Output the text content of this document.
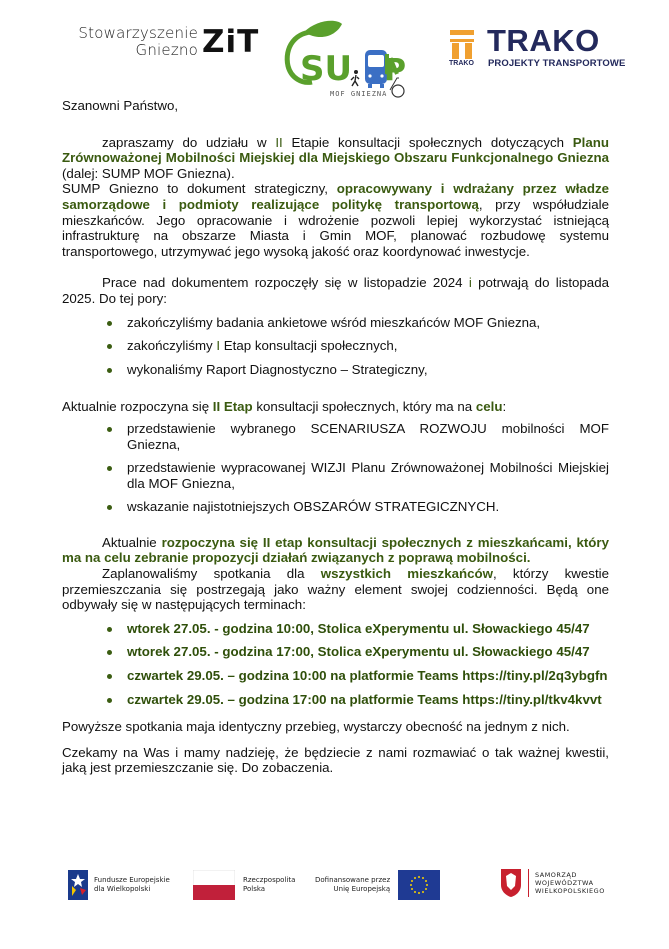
Stowarzyszenie
Gniezno ZiT
SU P
MOF GNIEZNA
TRAKO
TRAKO
PROJEKTY TRANSPORTOWE

Szanowni Państwo,

zapraszamy do udziału w II Etapie konsultacji społecznych dotyczących Planu Zrównoważonej Mobilności Miejskiej dla Miejskiego Obszaru Funkcjonalnego Gniezna (dalej: SUMP MOF Gniezna).

SUMP Gniezno to dokument strategiczny, opracowywany i wdrażany przez władze samorządowe i podmioty realizujące politykę transportową, przy współudziale mieszkańców. Jego opracowanie i wdrożenie pozwoli lepiej wykorzystać istniejącą infrastrukturę na obszarze Miasta i Gmin MOF, planować rozbudowę systemu transportowego, utrzymywać jego wysoką jakość oraz koordynować inwestycje.

Prace nad dokumentem rozpoczęły się w listopadzie 2024 i potrwają do listopada 2025. Do tej pory:

zakończyliśmy badania ankietowe wśród mieszkańców MOF Gniezna,
zakończyliśmy I Etap konsultacji społecznych,
wykonaliśmy Raport Diagnostyczno – Strategiczny,

Aktualnie rozpoczyna się II Etap konsultacji społecznych, który ma na celu:

przedstawienie wybranego SCENARIUSZA ROZWOJU mobilności MOF Gniezna,
przedstawienie wypracowanej WIZJI Planu Zrównoważonej Mobilności Miejskiej dla MOF Gniezna,
wskazanie najistotniejszych OBSZARÓW STRATEGICZNYCH.

Aktualnie rozpoczyna się II etap konsultacji społecznych z mieszkańcami, który ma na celu zebranie propozycji działań związanych z poprawą mobilności.

Zaplanowaliśmy spotkania dla wszystkich mieszkańców, którzy kwestie przemieszczania się postrzegają jako ważny element swojej codzienności. Będą one odbywały się w następujących terminach:

wtorek 27.05. - godzina 10:00, Stolica eXperymentu ul. Słowackiego 45/47
wtorek 27.05. - godzina 17:00, Stolica eXperymentu ul. Słowackiego 45/47
czwartek 29.05. – godzina 10:00 na platformie Teams https://tiny.pl/2q3ybgfn
czwartek 29.05. – godzina 17:00 na platformie Teams https://tiny.pl/tkv4kvvt

Powyższe spotkania maja identyczny przebieg, wystarczy obecność na jednym z nich.

Czekamy na Was i mamy nadzieję, że będziecie z nami rozmawiać o tak ważnej kwestii, jaką jest przemieszczanie się. Do zobaczenia.

Fundusze Europejskie
dla Wielkopolski
Rzeczpospolita
Polska
Dofinansowane przez
Unię Europejską
SAMORZĄD
WOJEWÓDZTWA
WIELKOPOLSKIEGO
